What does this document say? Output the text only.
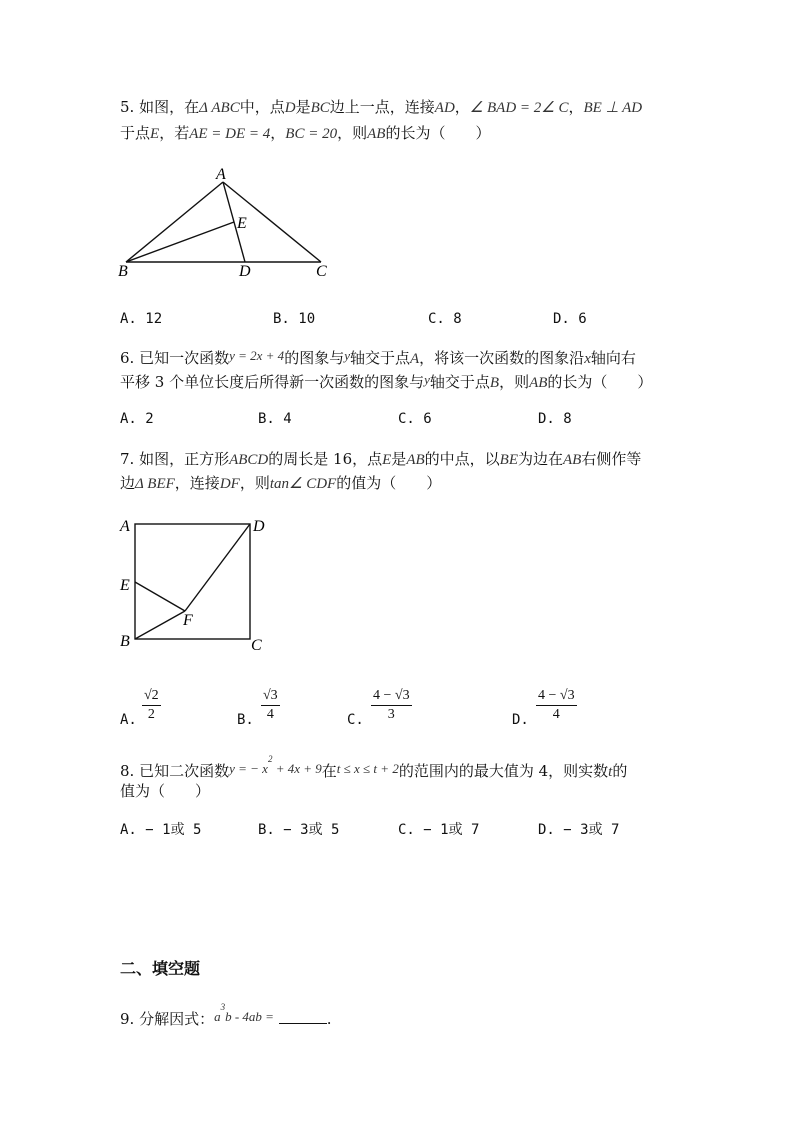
5. 如图，在Δ ABC中，点D是BC边上一点，连接AD，∠ BAD = 2∠ C，BE ⊥ AD
于点E，若AE = DE = 4，BC = 20，则AB的长为（　　）
A
E
B	D	C
A. 12	B. 10	C. 8	D. 6
6. 已知一次函数y = 2x + 4的图象与y轴交于点A，将该一次函数的图象沿x轴向右
平移 3 个单位长度后所得新一次函数的图象与y轴交于点B，则AB的长为（　　）
A. 2	B. 4	C. 6	D. 8
7. 如图，正方形ABCD的周长是 16，点E是AB的中点，以BE为边在AB右侧作等
边Δ BEF，连接DF，则tan∠ CDF的值为（　　）
A	D
E
F
B	C
A. $\frac{√2}{2}$	B. $\frac{√3}{4}$	C. $\frac{4 - √3}{3}$	D. $\frac{4 - √3}{4}$
8. 已知二次函数y = − $x^2 + 4x + 9$在t ≤ x ≤ t + 2的范围内的最大值为 4，则实数t的
值为（　　）
A. − 1或 5	B. − 3或 5	C. − 1或 7	D. − 3或 7
二、填空题
9. 分解因式：$a^3b - 4ab$ =	.
